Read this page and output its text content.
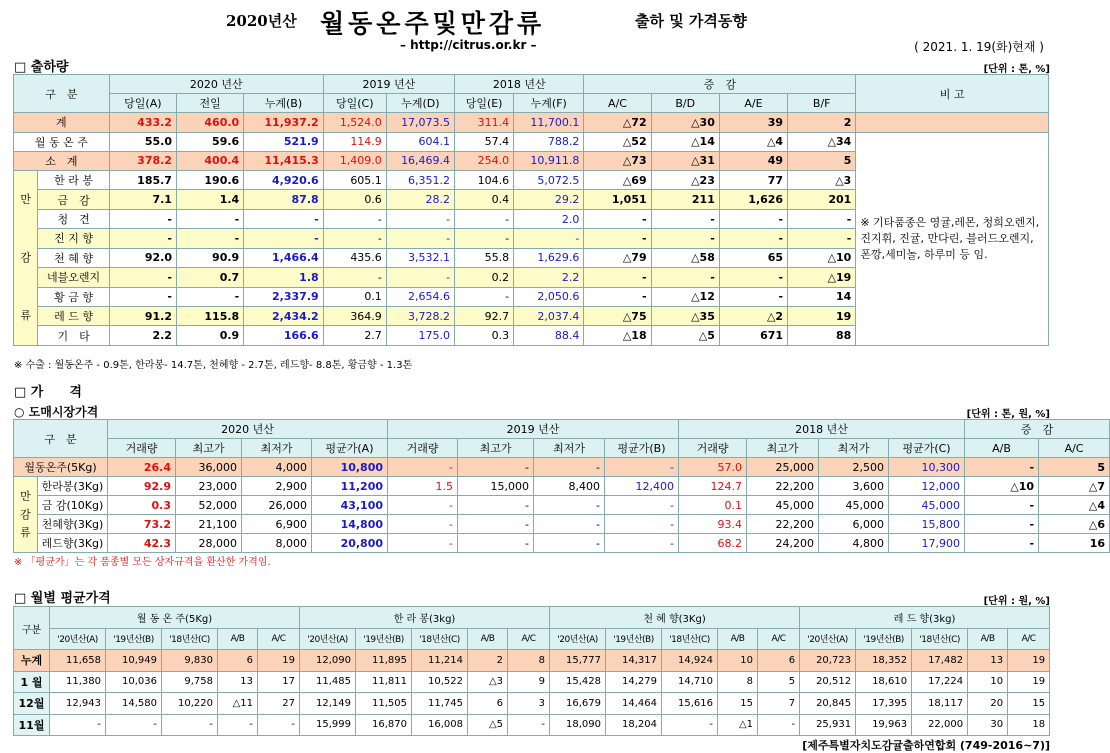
2020년산 월동온주및만감류	출하 및 가격동향
– http://citrus.or.kr –	( 2021. 1. 19(화)현재 )
□ 출하량	[단위 : 톤, %]
구　분		2020 년산			2019 년산		2018 년산		증　감				비 고
		당일(A)	전일	누계(B)	당일(C)	누계(D)	당일(E)	누계(F)	A/C	B/D	A/E	B/F	
계		433.2	460.0	11,937.2	1,524.0	17,073.5	311.4	11,700.1	△72	△30	39	2	
월 동 온 주		55.0	59.6	521.9	114.9	604.1	57.4	788.2	△52	△14	△4	△34	※ 기타품종은 영귤,레몬, 청희오렌지, 진지휘, 진귤, 만다린, 블러드오렌지, 폰깡,세미놀, 하루미 등 임.
소　계		378.2	400.4	11,415.3	1,409.0	16,469.4	254.0	10,911.8	△73	△31	49	5	

만
감
류	한 라 봉	185.7	190.6	4,920.6	605.1	6,351.2	104.6	5,072.5	△69	△23	77	△3	
	금　감	7.1	1.4	87.8	0.6	28.2	0.4	29.2	1,051	211	1,626	201	
	청　견	-	-	-	-	-	-	2.0	-	-	-	-	
	진 지 향	-	-	-	-	-	-	-	-	-	-	-	
	천 혜 향	92.0	90.9	1,466.4	435.6	3,532.1	55.8	1,629.6	△79	△58	65	△10	
	네블오렌지	-	0.7	1.8	-	-	0.2	2.2	-	-	-	△19	
	황 금 향	-	-	2,337.9	0.1	2,654.6	-	2,050.6	-	△12	-	14	
	레 드 향	91.2	115.8	2,434.2	364.9	3,728.2	92.7	2,037.4	△75	△35	△2	19	
	기　타	2.2	0.9	166.6	2.7	175.0	0.3	88.4	△18	△5	671	88	
※ 수출 : 월동온주 - 0.9톤, 한라봉- 14.7톤, 천혜향 - 2.7톤, 레드향- 8.8톤, 황금향 - 1.3톤
□ 가　　격
○ 도매시장가격	[단위 : 톤, 원, %]
구　분		2020 년산				2019 년산				2018 년산				증　감	
		거래량	최고가	최저가	평균가(A)	거래량	최고가	최저가	평균가(B)	거래량	최고가	최저가	평균가(C)	A/B	A/C
월동온주(5Kg)		26.4	36,000	4,000	10,800	-	-	-	-	57.0	25,000	2,500	10,300	-	5

만
감
류	한라봉(3Kg)	92.9	23,000	2,900	11,200	1.5	15,000	8,400	12,400	124.7	22,200	3,600	12,000	△10	△7
	금 감(10Kg)	0.3	52,000	26,000	43,100	-	-	-	-	0.1	45,000	45,000	45,000	-	△4
	천혜향(3Kg)	73.2	21,100	6,900	14,800	-	-	-	-	93.4	22,200	6,000	15,800	-	△6
	레드향(3Kg)	42.3	28,000	8,000	20,800	-	-	-	-	68.2	24,200	4,800	17,900	-	16
※ 「평균가」는 각 품종별 모든 상자규격을 환산한 가격임.
□ 월별 평균가격	[단위 : 원, %]
구분	월 동 온 주(5Kg)					한 라 봉(3kg)					천 혜 향(3Kg)					레 드 향(3kg)				
	'20년산(A)	'19년산(B)	'18년산(C)	A/B	A/C	'20년산(A)	'19년산(B)	'18년산(C)	A/B	A/C	'20년산(A)	'19년산(B)	'18년산(C)	A/B	A/C	'20년산(A)	'19년산(B)	'18년산(C)	A/B	A/C
누계	11,658	10,949	9,830	6	19	12,090	11,895	11,214	2	8	15,777	14,317	14,924	10	6	20,723	18,352	17,482	13	19
1 월	11,380	10,036	9,758	13	17	11,485	11,811	10,522	△3	9	15,428	14,279	14,710	8	5	20,512	18,610	17,224	10	19
12월	12,943	14,580	10,220	△11	27	12,149	11,505	11,745	6	3	16,679	14,464	15,616	15	7	20,845	17,395	18,117	20	15
11월	-	-	-	-	-	15,999	16,870	16,008	△5	-	18,090	18,204	-	△1	-	25,931	19,963	22,000	30	18
[제주특별자치도감귤출하연합회 (749-2016~7)]
